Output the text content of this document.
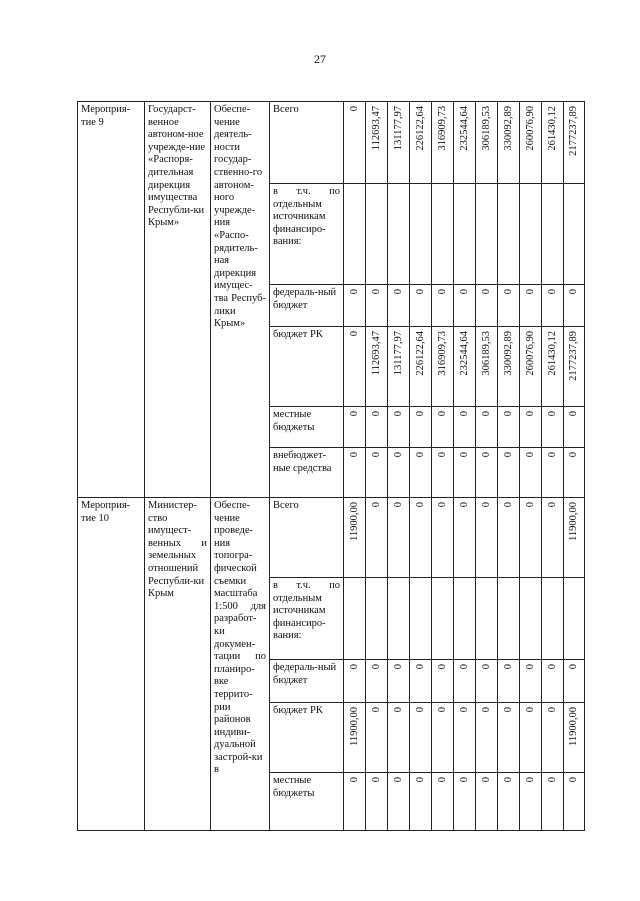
27
Мероприя-тие 9	Государст-венное автоном-ное учрежде-ние «Распоря-дительная дирекция имущества Республи-ки Крым»	Обеспе-чение деятель-ности государ-ственно-го автоном-ного учрежде-ния «Распо-рядитель-ная дирекция имущес-тва Респуб-лики Крым»	Всего	0	112693,47	131177,97	226122,64	316909,73	232544,64	306189,53	330092,89	260076,90	261430,12	2177237,89

			в т.ч. по отдельным источникам финансиро-вания:											

			федераль-ный бюджет	0	0	0	0	0	0	0	0	0	0	0

			бюджет РК	0	112693,47	131177,97	226122,64	316909,73	232544,64	306189,53	330092,89	260076,90	261430,12	2177237,89

			местные бюджеты	0	0	0	0	0	0	0	0	0	0	0

			внебюджет-ные средства	0	0	0	0	0	0	0	0	0	0	0

Мероприя-тие 10	Министер-ство имущест-венных и земельных отношений Республи-ки Крым	Обеспе-чение проведе-ния топогра-фической съемки масштаба 1:500 для разработ-ки докумен-тации по планиро-вке террито-рии районов индиви-дуальной застрой-ки в	Всего	11900,00	0	0	0	0	0	0	0	0	0	11900,00

			в т.ч. по отдельным источникам финансиро-вания:											

			федераль-ный бюджет	0	0	0	0	0	0	0	0	0	0	0

			бюджет РК	11900,00	0	0	0	0	0	0	0	0	0	11900,00

			местные бюджеты	0	0	0	0	0	0	0	0	0	0	0
